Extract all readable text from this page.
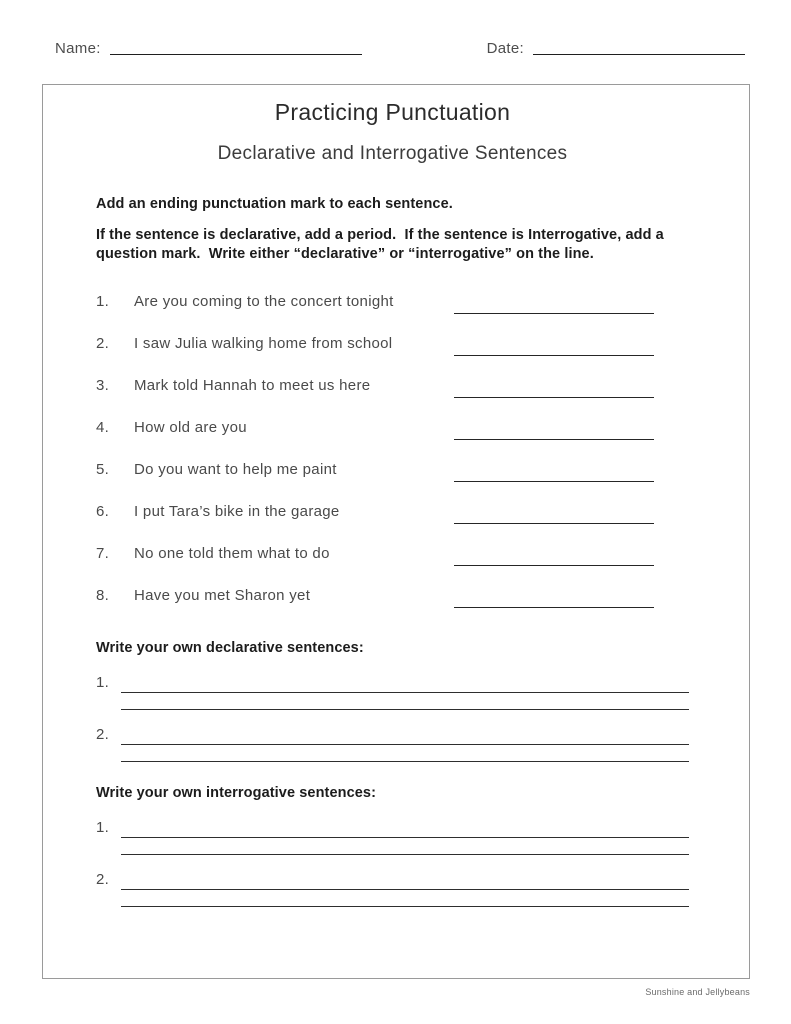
Name:	Date:
Practicing Punctuation
Declarative and Interrogative Sentences

Add an ending punctuation mark to each sentence.

If the sentence is declarative, add a period.  If the sentence is Interrogative, add a question mark.  Write either “declarative” or “interrogative” on the line.

1.	Are you coming to the concert tonight
2.	I saw Julia walking home from school
3.	Mark told Hannah to meet us here
4.	How old are you
5.	Do you want to help me paint
6.	I put Tara’s bike in the garage
7.	No one told them what to do
8.	Have you met Sharon yet
Write your own declarative sentences:
1.
2.
Write your own interrogative sentences:
1.
2.
Sunshine and Jellybeans
